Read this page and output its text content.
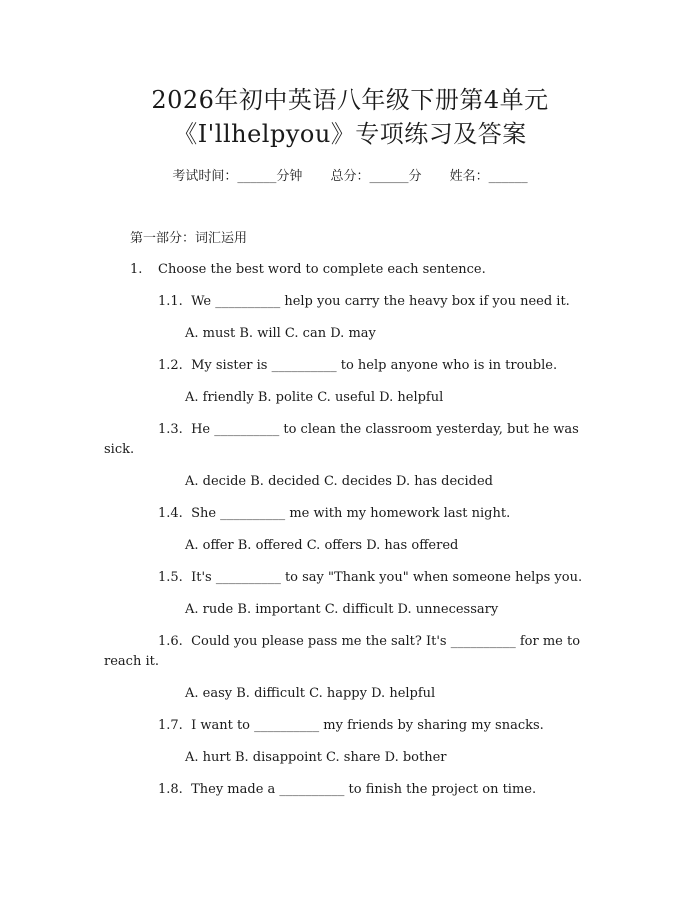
2026年初中英语八年级下册第4单元
《I'llhelpyou》专项练习及答案
考试时间：______分钟 总分：______分 姓名：______
第一部分：词汇运用
1. Choose the best word to complete each sentence.
1.1. We __________ help you carry the heavy box if you need it.
A. must B. will C. can D. may
1.2. My sister is __________ to help anyone who is in trouble.
A. friendly B. polite C. useful D. helpful
1.3. He __________ to clean the classroom yesterday, but he was sick.
A. decide B. decided C. decides D. has decided
1.4. She __________ me with my homework last night.
A. offer B. offered C. offers D. has offered
1.5. It's __________ to say "Thank you" when someone helps you.
A. rude B. important C. difficult D. unnecessary
1.6. Could you please pass me the salt? It's __________ for me to reach it.
A. easy B. difficult C. happy D. helpful
1.7. I want to __________ my friends by sharing my snacks.
A. hurt B. disappoint C. share D. bother
1.8. They made a __________ to finish the project on time.
